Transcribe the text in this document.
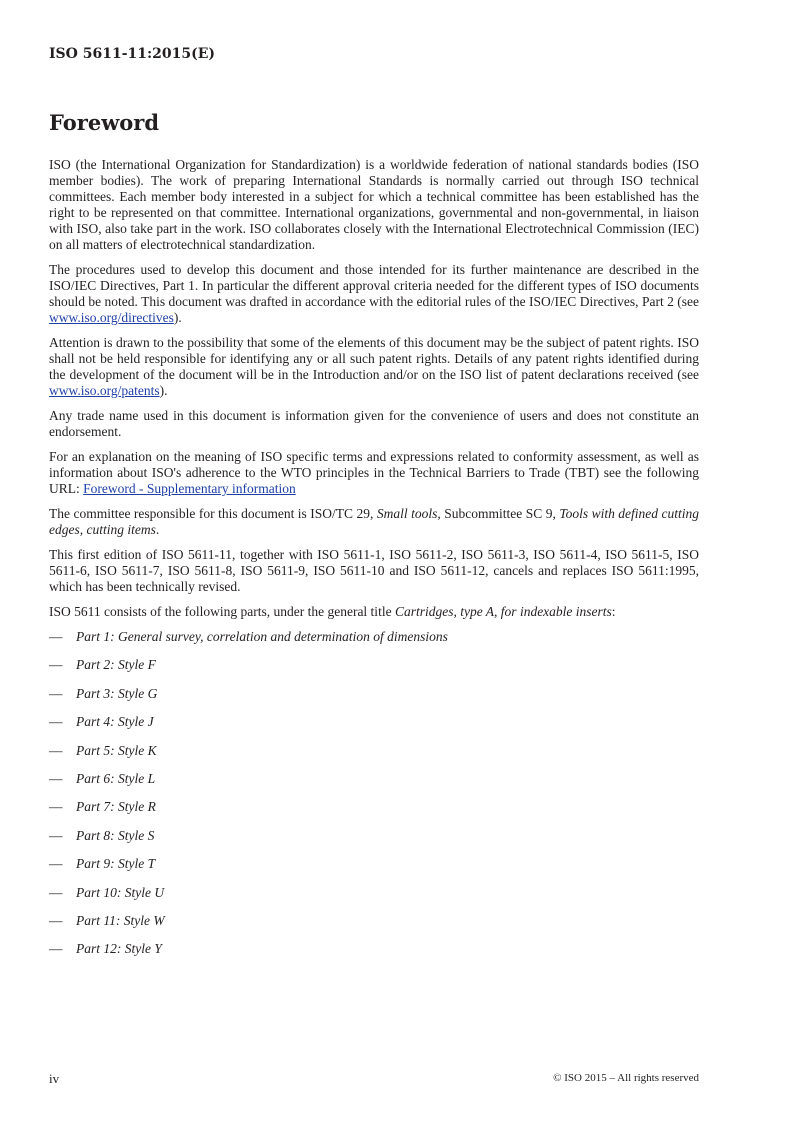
ISO 5611-11:2015(E)
Foreword

ISO (the International Organization for Standardization) is a worldwide federation of national standards bodies (ISO member bodies). The work of preparing International Standards is normally carried out through ISO technical committees. Each member body interested in a subject for which a technical committee has been established has the right to be represented on that committee. International organizations, governmental and non-governmental, in liaison with ISO, also take part in the work. ISO collaborates closely with the International Electrotechnical Commission (IEC) on all matters of electrotechnical standardization.

The procedures used to develop this document and those intended for its further maintenance are described in the ISO/IEC Directives, Part 1. In particular the different approval criteria needed for the different types of ISO documents should be noted. This document was drafted in accordance with the editorial rules of the ISO/IEC Directives, Part 2 (see www.iso.org/directives).

Attention is drawn to the possibility that some of the elements of this document may be the subject of patent rights. ISO shall not be held responsible for identifying any or all such patent rights. Details of any patent rights identified during the development of the document will be in the Introduction and/or on the ISO list of patent declarations received (see www.iso.org/patents).

Any trade name used in this document is information given for the convenience of users and does not constitute an endorsement.

For an explanation on the meaning of ISO specific terms and expressions related to conformity assessment, as well as information about ISO's adherence to the WTO principles in the Technical Barriers to Trade (TBT) see the following URL: Foreword - Supplementary information

The committee responsible for this document is ISO/TC 29, Small tools, Subcommittee SC 9, Tools with defined cutting edges, cutting items.

This first edition of ISO 5611-11, together with ISO 5611-1, ISO 5611-2, ISO 5611-3, ISO 5611-4, ISO 5611-5, ISO 5611-6, ISO 5611-7, ISO 5611-8, ISO 5611-9, ISO 5611-10 and ISO 5611-12, cancels and replaces ISO 5611:1995, which has been technically revised.

ISO 5611 consists of the following parts, under the general title Cartridges, type A, for indexable inserts:

— Part 1: General survey, correlation and determination of dimensions
— Part 2: Style F
— Part 3: Style G
— Part 4: Style J
— Part 5: Style K
— Part 6: Style L
— Part 7: Style R
— Part 8: Style S
— Part 9: Style T
— Part 10: Style U
— Part 11: Style W
— Part 12: Style Y
iv	© ISO 2015 – All rights reserved
